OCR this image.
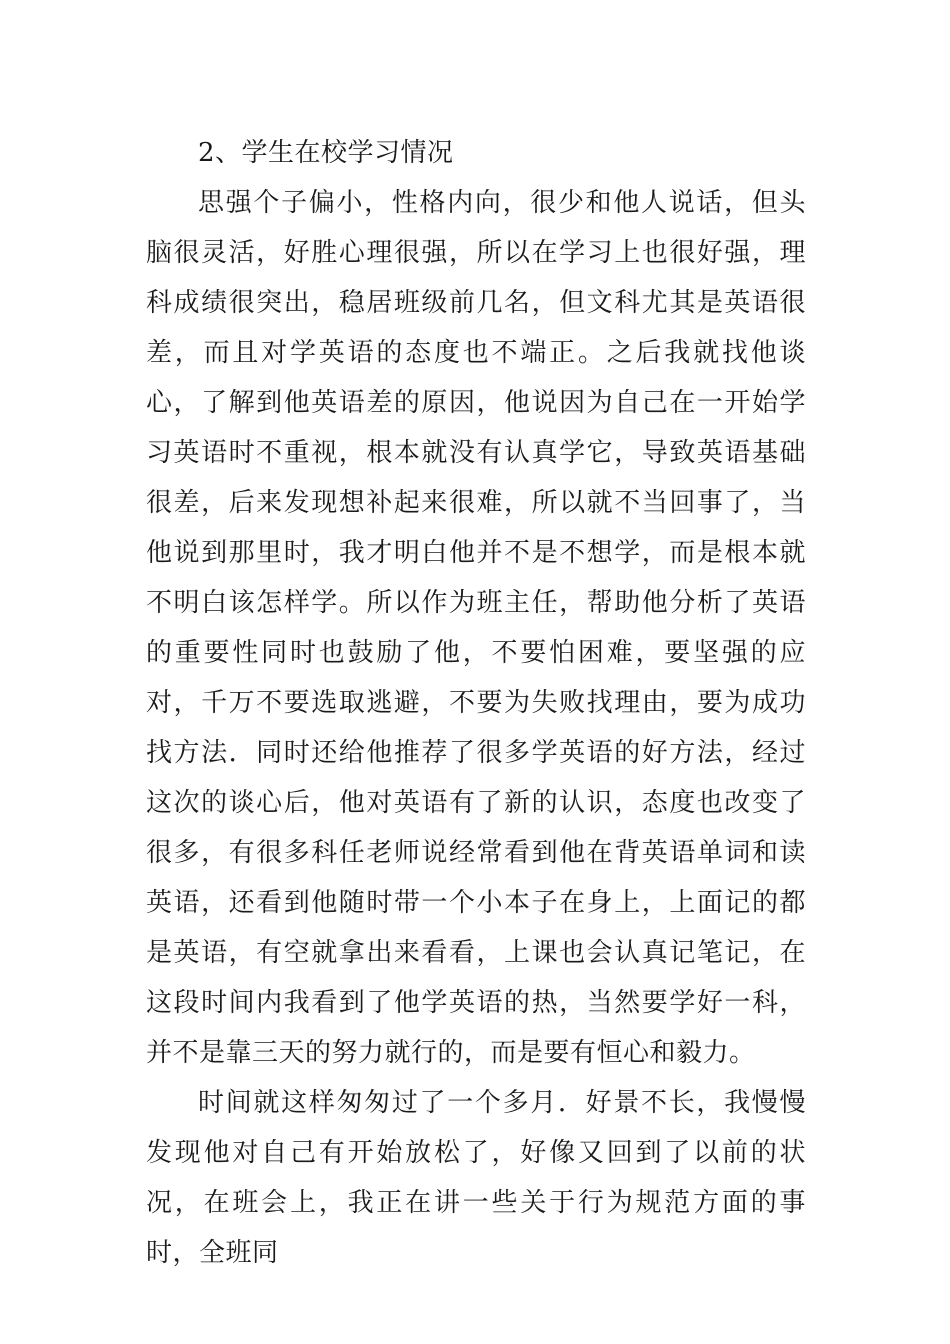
2、学生在校学习情况

思强个子偏小，性格内向，很少和他人说话，但头脑很灵活，好胜心理很强，所以在学习上也很好强，理科成绩很突出，稳居班级前几名，但文科尤其是英语很差，而且对学英语的态度也不端正。之后我就找他谈心，了解到他英语差的原因，他说因为自己在一开始学习英语时不重视，根本就没有认真学它，导致英语基础很差，后来发现想补起来很难，所以就不当回事了，当他说到那里时，我才明白他并不是不想学，而是根本就不明白该怎样学。所以作为班主任，帮助他分析了英语的重要性同时也鼓励了他，不要怕困难，要坚强的应对，千万不要选取逃避，不要为失败找理由，要为成功找方法．同时还给他推荐了很多学英语的好方法，经过这次的谈心后，他对英语有了新的认识，态度也改变了很多，有很多科任老师说经常看到他在背英语单词和读英语，还看到他随时带一个小本子在身上，上面记的都是英语，有空就拿出来看看，上课也会认真记笔记，在这段时间内我看到了他学英语的热，当然要学好一科，并不是靠三天的努力就行的，而是要有恒心和毅力。

时间就这样匆匆过了一个多月．好景不长，我慢慢发现他对自己有开始放松了，好像又回到了以前的状况，在班会上，我正在讲一些关于行为规范方面的事时，全班同
